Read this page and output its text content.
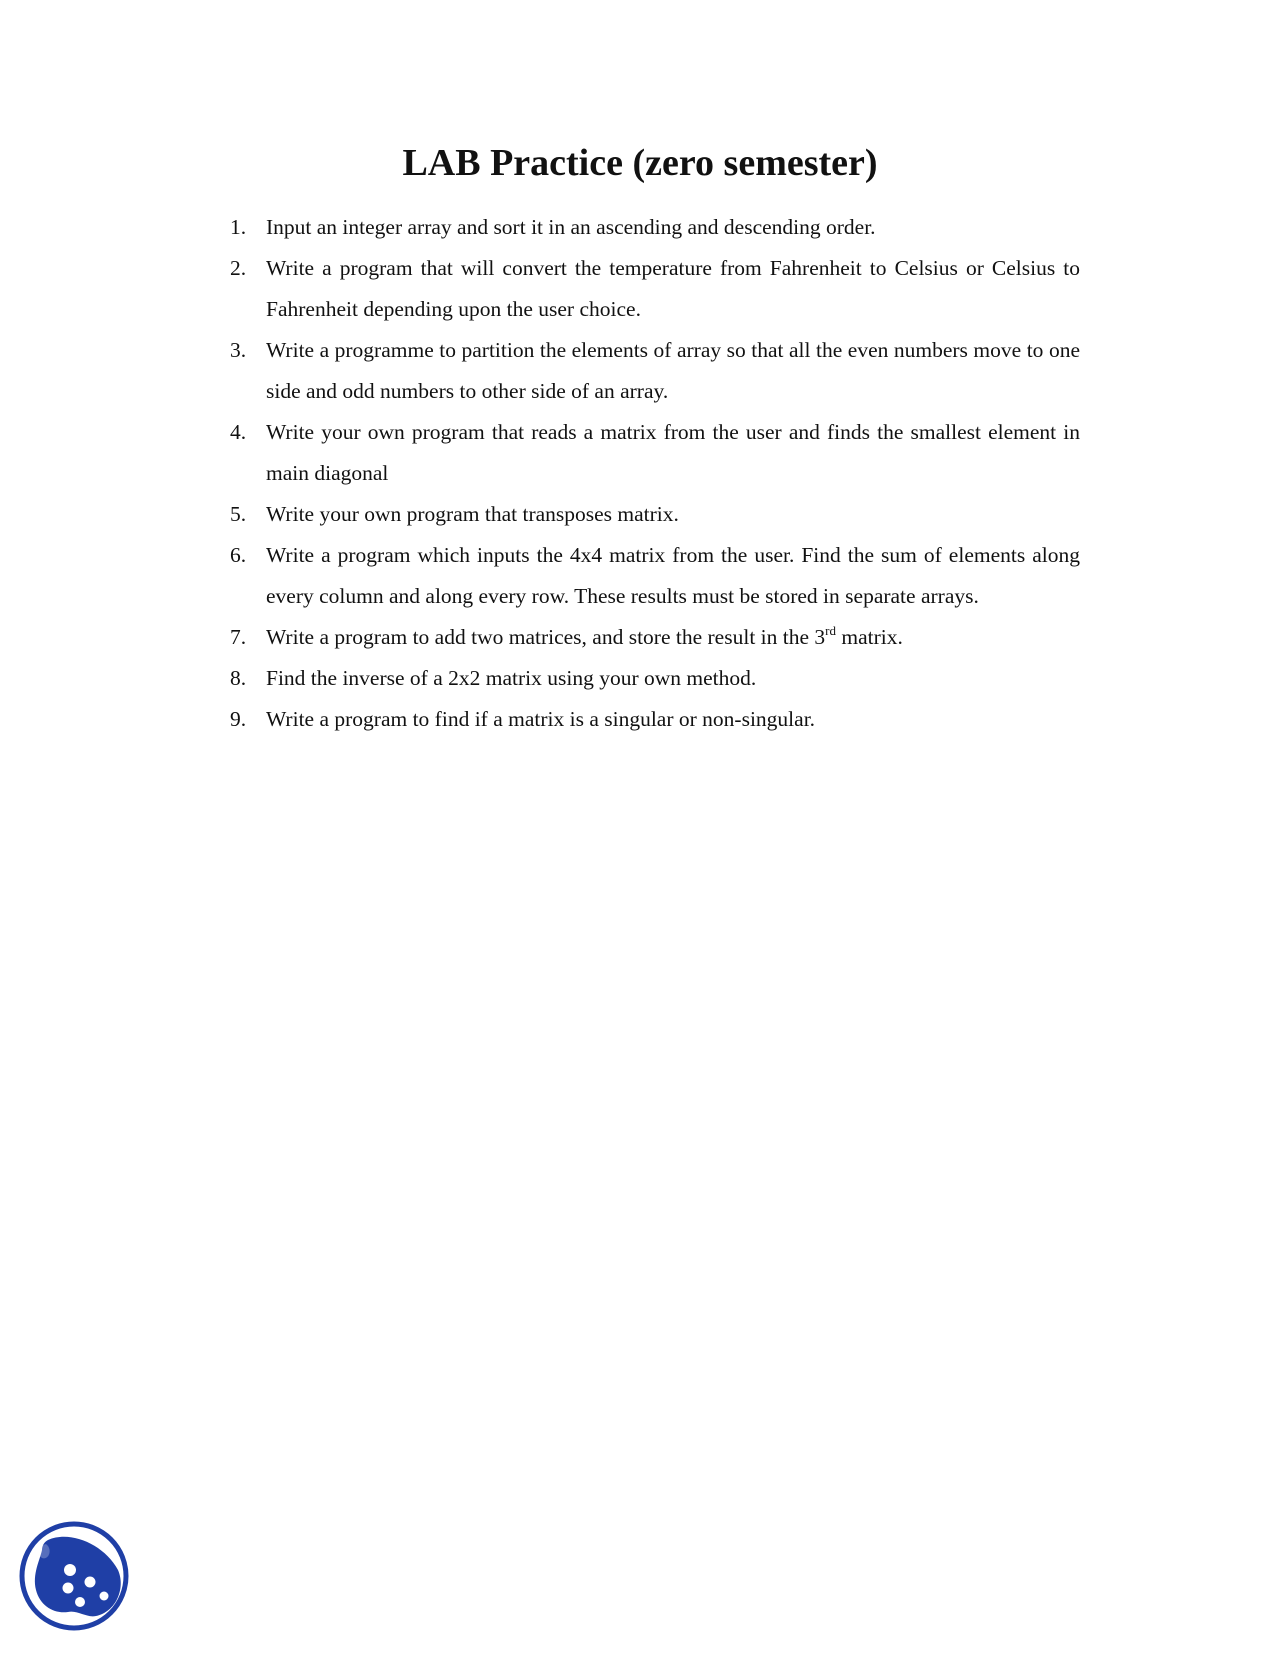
LAB Practice (zero semester)
1. Input an integer array and sort it in an ascending and descending order.
2. Write a program that will convert the temperature from Fahrenheit to Celsius or Celsius to Fahrenheit depending upon the user choice.
3. Write a programme to partition the elements of array so that all the even numbers move to one side and odd numbers to other side of an array.
4. Write your own program that reads a matrix from the user and finds the smallest element in main diagonal
5. Write your own program that transposes matrix.
6. Write a program which inputs the 4x4 matrix from the user. Find the sum of elements along every column and along every row. These results must be stored in separate arrays.
7. Write a program to add two matrices, and store the result in the 3rd matrix.
8. Find the inverse of a 2x2 matrix using your own method.
9. Write a program to find if a matrix is a singular or non-singular.
